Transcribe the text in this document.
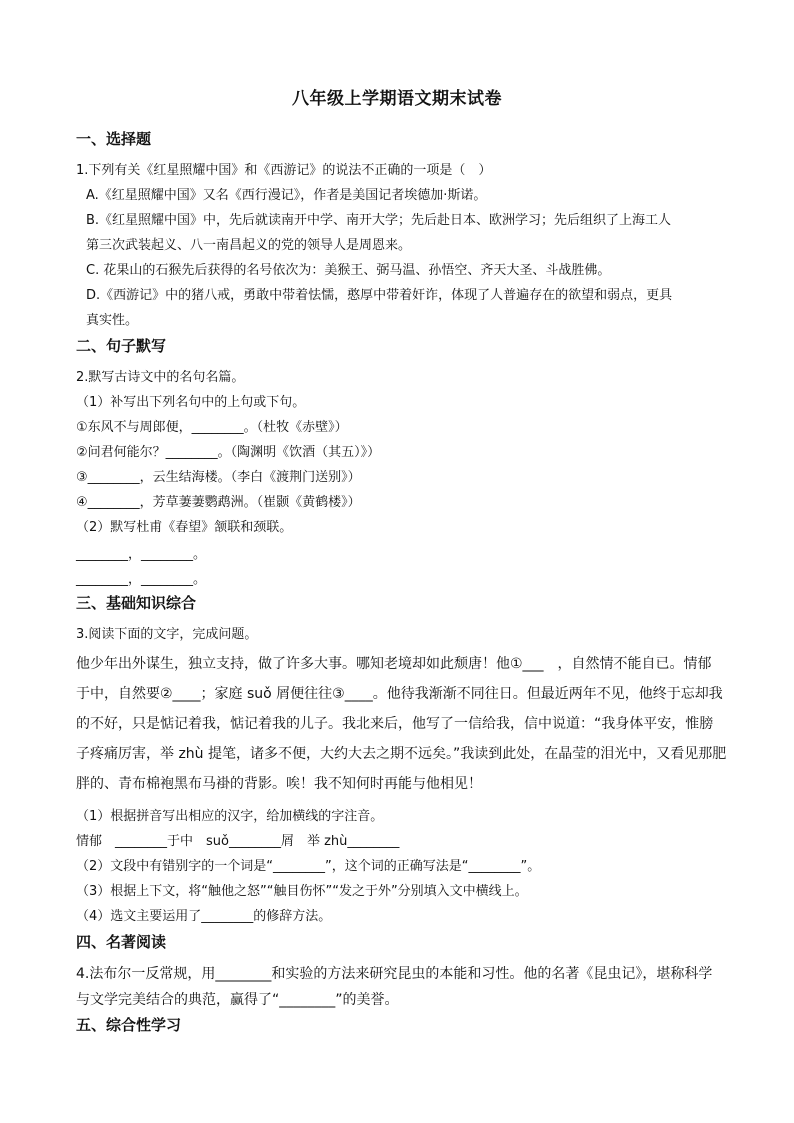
八年级上学期语文期末试卷
一、选择题
1.下列有关《红星照耀中国》和《西游记》的说法不正确的一项是（　）
A.《红星照耀中国》又名《西行漫记》，作者是美国记者埃德加·斯诺。
B.《红星照耀中国》中，先后就读南开中学、南开大学；先后赴日本、欧洲学习；先后组织了上海工人
第三次武装起义、八一南昌起义的党的领导人是周恩来。
C. 花果山的石猴先后获得的名号依次为：美猴王、弼马温、孙悟空、齐天大圣、斗战胜佛。
D.《西游记》中的猪八戒，勇敢中带着怯懦，憨厚中带着奸诈，体现了人普遍存在的欲望和弱点，更具
真实性。
二、句子默写
2.默写古诗文中的名句名篇。
（1）补写出下列名句中的上句或下句。
①东风不与周郎便，________。（杜牧《赤壁》）
②问君何能尔？________。（陶渊明《饮酒（其五）》）
③________，云生结海楼。（李白《渡荆门送别》）
④________，芳草萋萋鹦鹉洲。（崔颢《黄鹤楼》）
（2）默写杜甫《春望》颔联和颈联。
________，________。
________，________。
三、基础知识综合
3.阅读下面的文字，完成问题。
他少年出外谋生，独立支持，做了许多大事。哪知老境却如此颓唐！他①___　，自然情不能自已。情郁
于中，自然要②____；家庭 suǒ 屑便往往③____。他待我渐渐不同往日。但最近两年不见，他终于忘却我
的不好，只是惦记着我，惦记着我的儿子。我北来后，他写了一信给我，信中说道：“我身体平安，惟膀
子疼痛厉害，举 zhù 提笔，诸多不便，大约大去之期不远矣。”我读到此处，在晶莹的泪光中，又看见那肥
胖的、青布棉袍黑布马褂的背影。唉！我不知何时再能与他相见！
（1）根据拼音写出相应的汉字，给加横线的字注音。
情郁　________于中　suǒ________屑　举 zhù________
（2）文段中有错别字的一个词是“________”，这个词的正确写法是“________”。
（3）根据上下文，将“触他之怒”“触目伤怀”“发之于外”分别填入文中横线上。
（4）选文主要运用了________的修辞方法。
四、名著阅读
4.法布尔一反常规，用________和实验的方法来研究昆虫的本能和习性。他的名著《昆虫记》，堪称科学
与文学完美结合的典范，赢得了“________”的美誉。
五、综合性学习
